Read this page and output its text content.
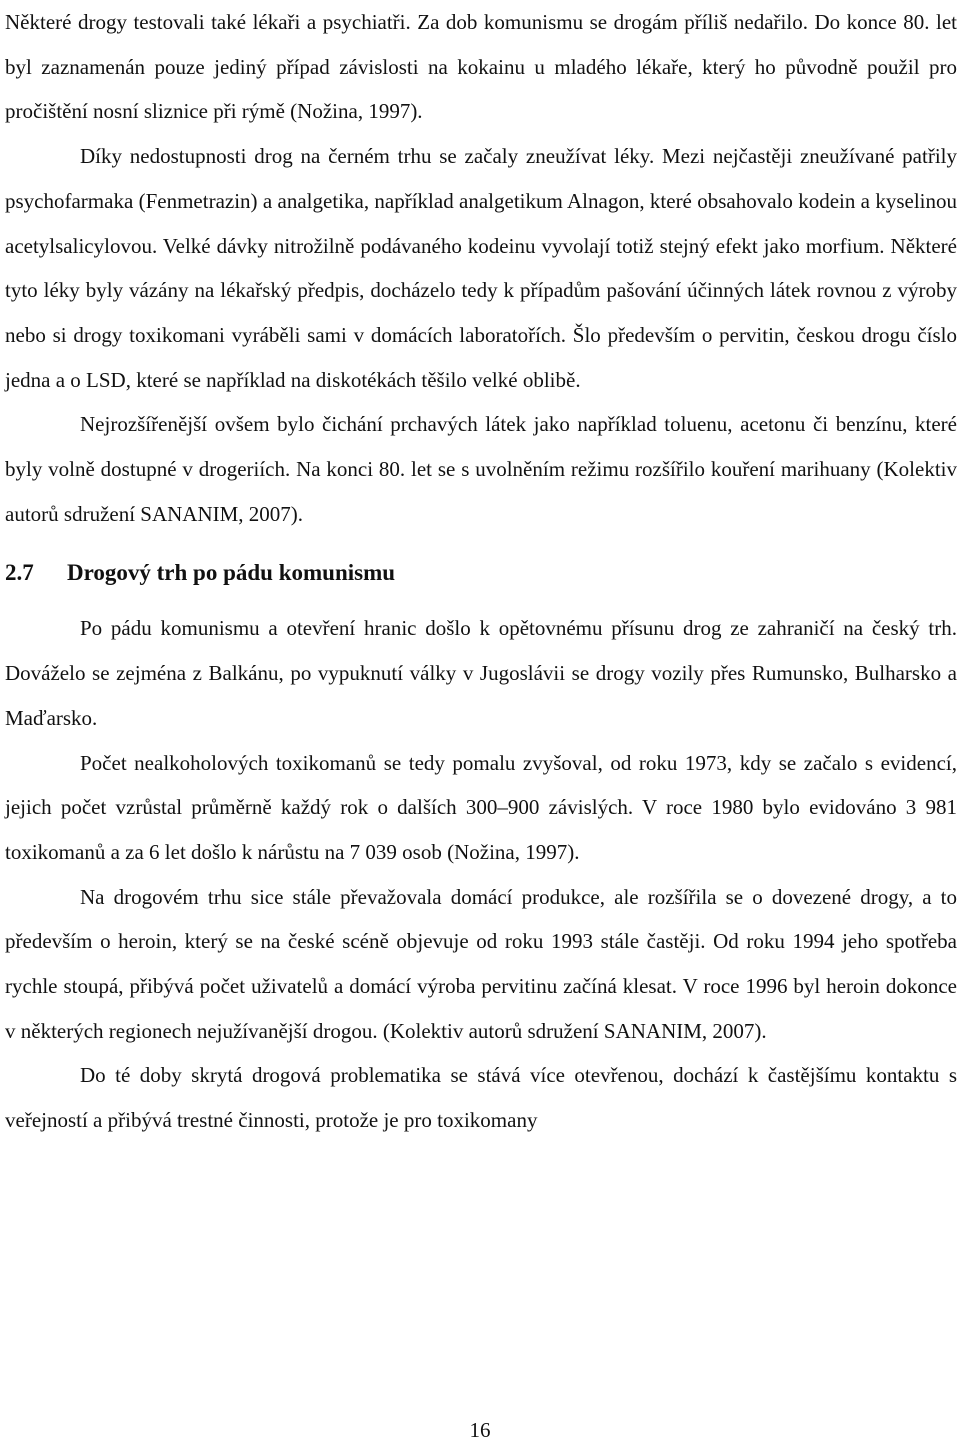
Některé drogy testovali také lékaři a psychiatři. Za dob komunismu se drogám příliš nedařilo. Do konce 80. let byl zaznamenán pouze jediný případ závislosti na kokainu u mladého lékaře, který ho původně použil pro pročištění nosní sliznice při rýmě (Nožina, 1997).

Díky nedostupnosti drog na černém trhu se začaly zneužívat léky. Mezi nejčastěji zneužívané patřily psychofarmaka (Fenmetrazin) a analgetika, například analgetikum Alnagon, které obsahovalo kodein a kyselinou acetylsalicylovou. Velké dávky nitrožilně podávaného kodeinu vyvolají totiž stejný efekt jako morfium. Některé tyto léky byly vázány na lékařský předpis, docházelo tedy k případům pašování účinných látek rovnou z výroby nebo si drogy toxikomani vyráběli sami v domácích laboratořích. Šlo především o pervitin, českou drogu číslo jedna a o LSD, které se například na diskotékách těšilo velké oblibě.

Nejrozšířenější ovšem bylo čichání prchavých látek jako například toluenu, acetonu či benzínu, které byly volně dostupné v drogeriích. Na konci 80. let se s uvolněním režimu rozšířilo kouření marihuany (Kolektiv autorů sdružení SANANIM, 2007).

2.7	Drogový trh po pádu komunismu

Po pádu komunismu a otevření hranic došlo k opětovnému přísunu drog ze zahraničí na český trh. Dováželo se zejména z Balkánu, po vypuknutí války v Jugoslávii se drogy vozily přes Rumunsko, Bulharsko a Maďarsko.

Počet nealkoholových toxikomanů se tedy pomalu zvyšoval, od roku 1973, kdy se začalo s evidencí, jejich počet vzrůstal průměrně každý rok o dalších 300–900 závislých. V roce 1980 bylo evidováno 3 981 toxikomanů a za 6 let došlo k nárůstu na 7 039 osob (Nožina, 1997).

Na drogovém trhu sice stále převažovala domácí produkce, ale rozšířila se o dovezené drogy, a to především o heroin, který se na české scéně objevuje od roku 1993 stále častěji. Od roku 1994 jeho spotřeba rychle stoupá, přibývá počet uživatelů a domácí výroba pervitinu začíná klesat. V roce 1996 byl heroin dokonce v některých regionech nejužívanější drogou. (Kolektiv autorů sdružení SANANIM, 2007).

Do té doby skrytá drogová problematika se stává více otevřenou, dochází k častějšímu kontaktu s veřejností a přibývá trestné činnosti, protože je pro toxikomany

16
